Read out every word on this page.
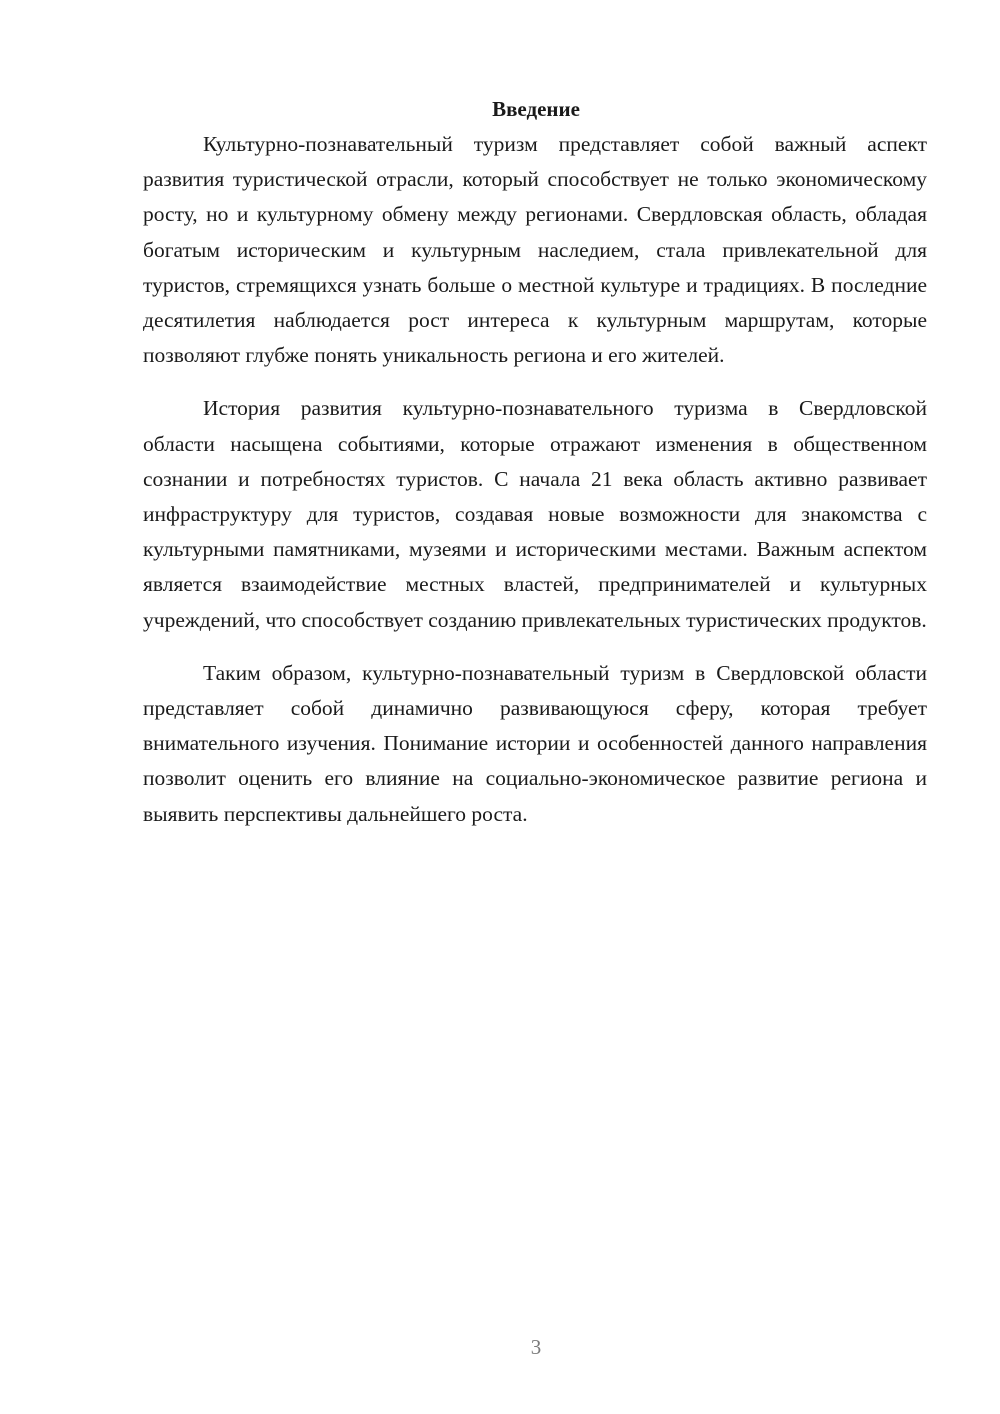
Введение

Культурно-познавательный туризм представляет собой важный аспект развития туристической отрасли, который способствует не только экономическому росту, но и культурному обмену между регионами. Свердловская область, обладая богатым историческим и культурным наследием, стала привлекательной для туристов, стремящихся узнать больше о местной культуре и традициях. В последние десятилетия наблюдается рост интереса к культурным маршрутам, которые позволяют глубже понять уникальность региона и его жителей.

История развития культурно-познавательного туризма в Свердловской области насыщена событиями, которые отражают изменения в общественном сознании и потребностях туристов. С начала 21 века область активно развивает инфраструктуру для туристов, создавая новые возможности для знакомства с культурными памятниками, музеями и историческими местами. Важным аспектом является взаимодействие местных властей, предпринимателей и культурных учреждений, что способствует созданию привлекательных туристических продуктов.

Таким образом, культурно-познавательный туризм в Свердловской области представляет собой динамично развивающуюся сферу, которая требует внимательного изучения. Понимание истории и особенностей данного направления позволит оценить его влияние на социально-экономическое развитие региона и выявить перспективы дальнейшего роста.

3
